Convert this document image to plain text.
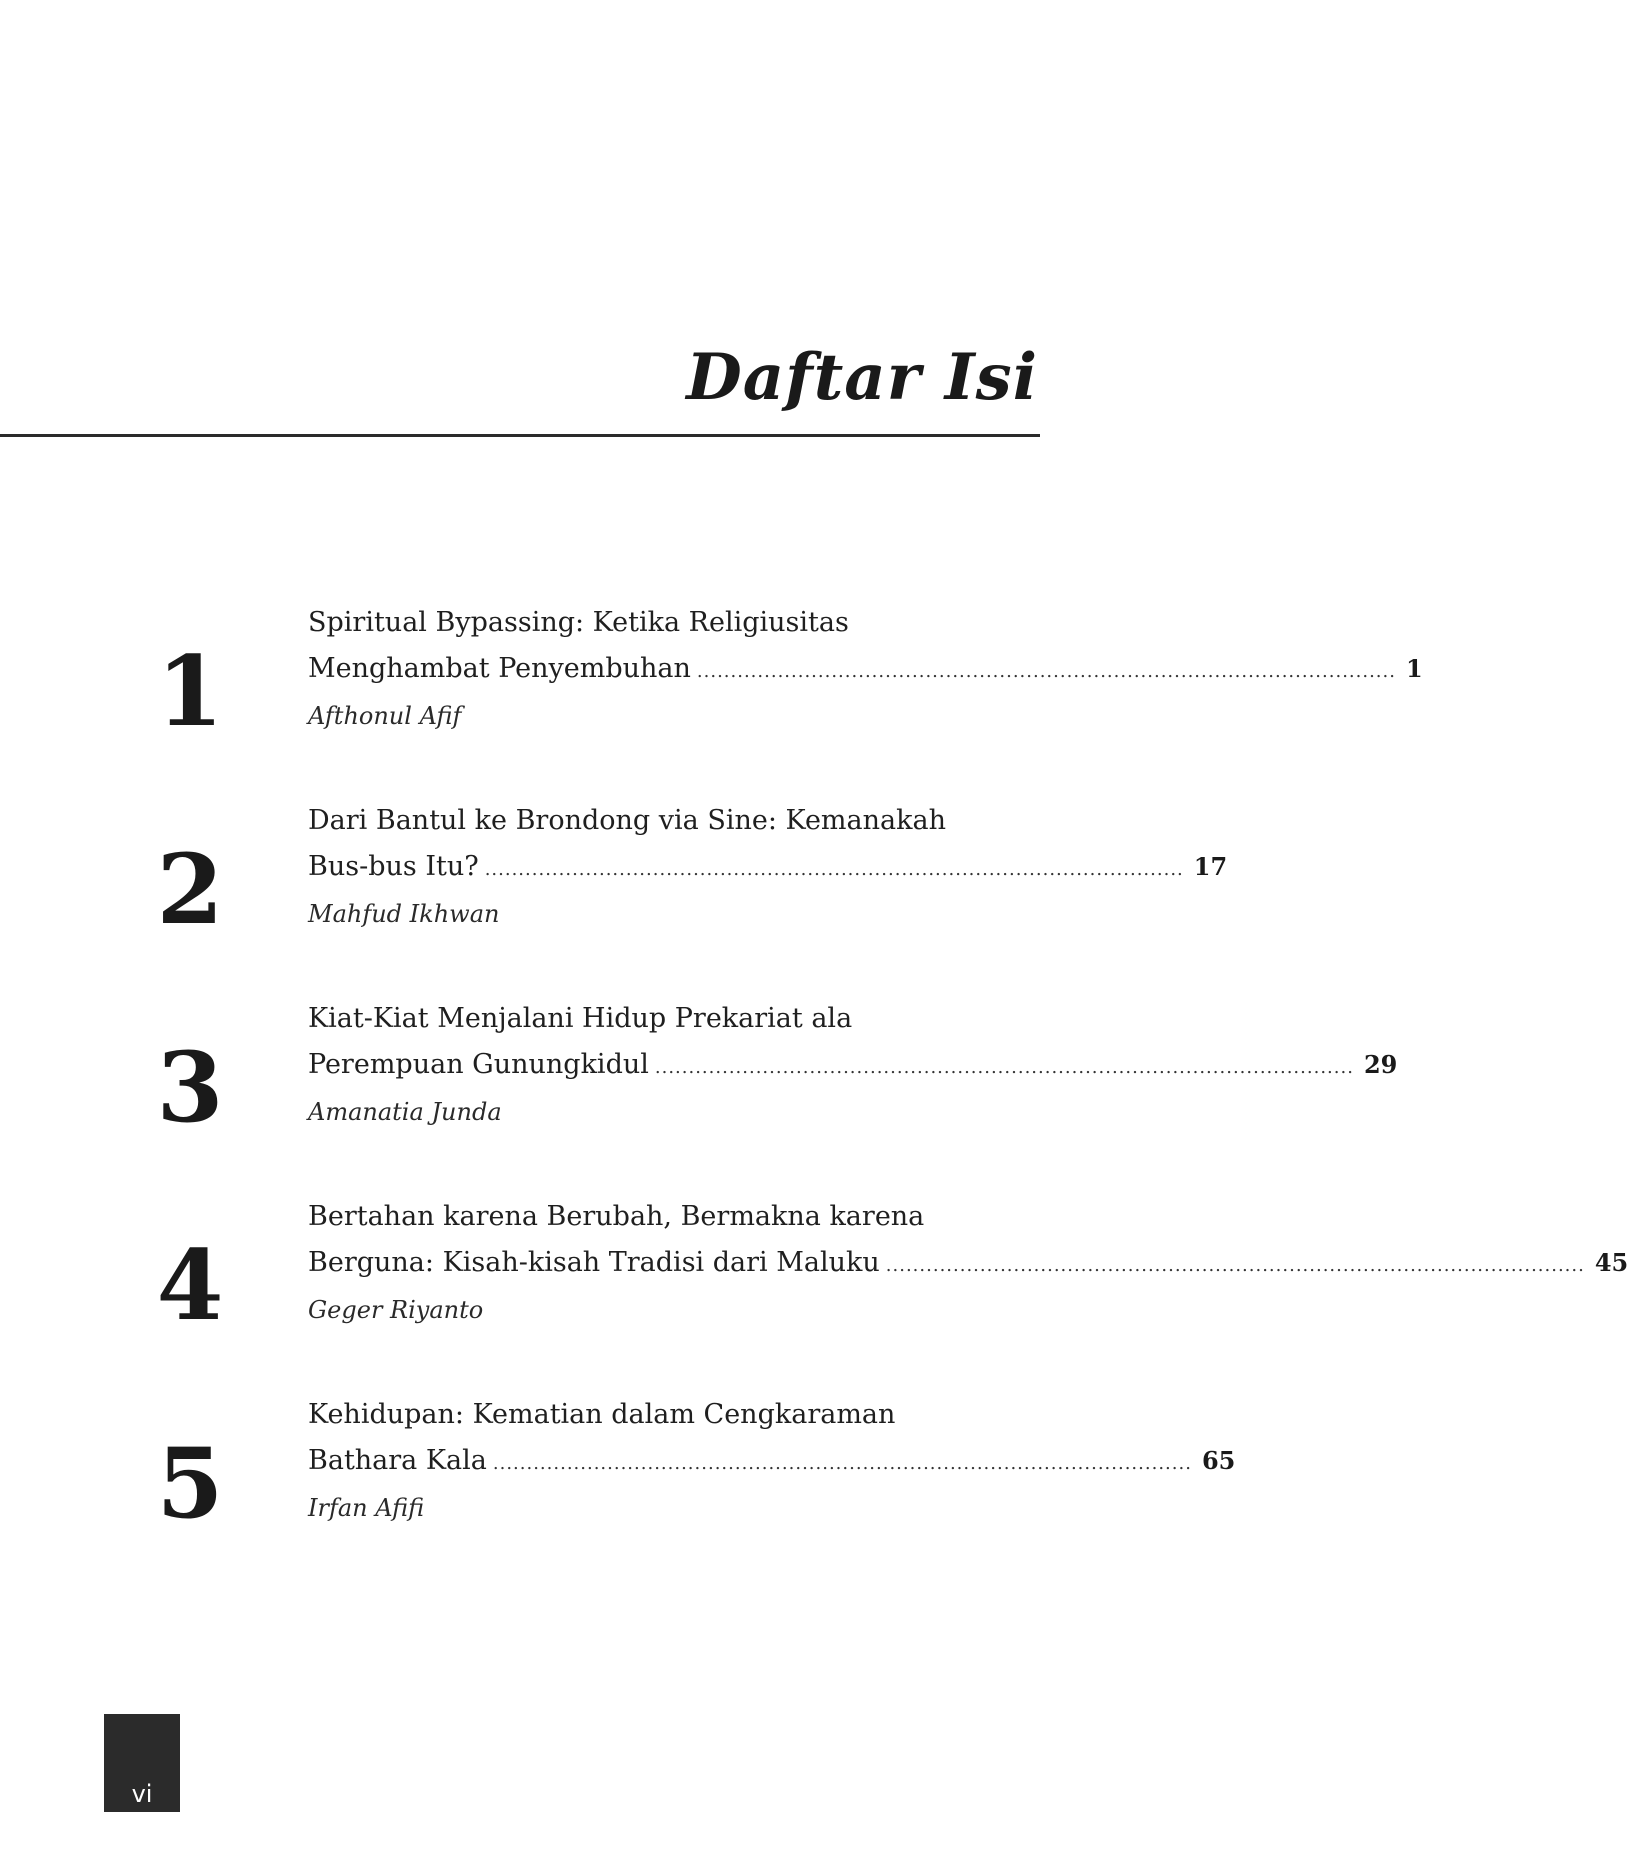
Daftar Isi
1
Spiritual Bypassing: Ketika Religiusitas
Menghambat Penyembuhan ........................................................................................................ 1
Afthonul Afif
2
Dari Bantul ke Brondong via Sine: Kemanakah
Bus-bus Itu? ........................................................................................................ 17
Mahfud Ikhwan
3
Kiat-Kiat Menjalani Hidup Prekariat ala
Perempuan Gunungkidul ........................................................................................................ 29
Amanatia Junda
4
Bertahan karena Berubah, Bermakna karena
Berguna: Kisah-kisah Tradisi dari Maluku ........................................................................................................ 45
Geger Riyanto
5
Kehidupan: Kematian dalam Cengkaraman
Bathara Kala ........................................................................................................ 65
Irfan Afifi
vi
